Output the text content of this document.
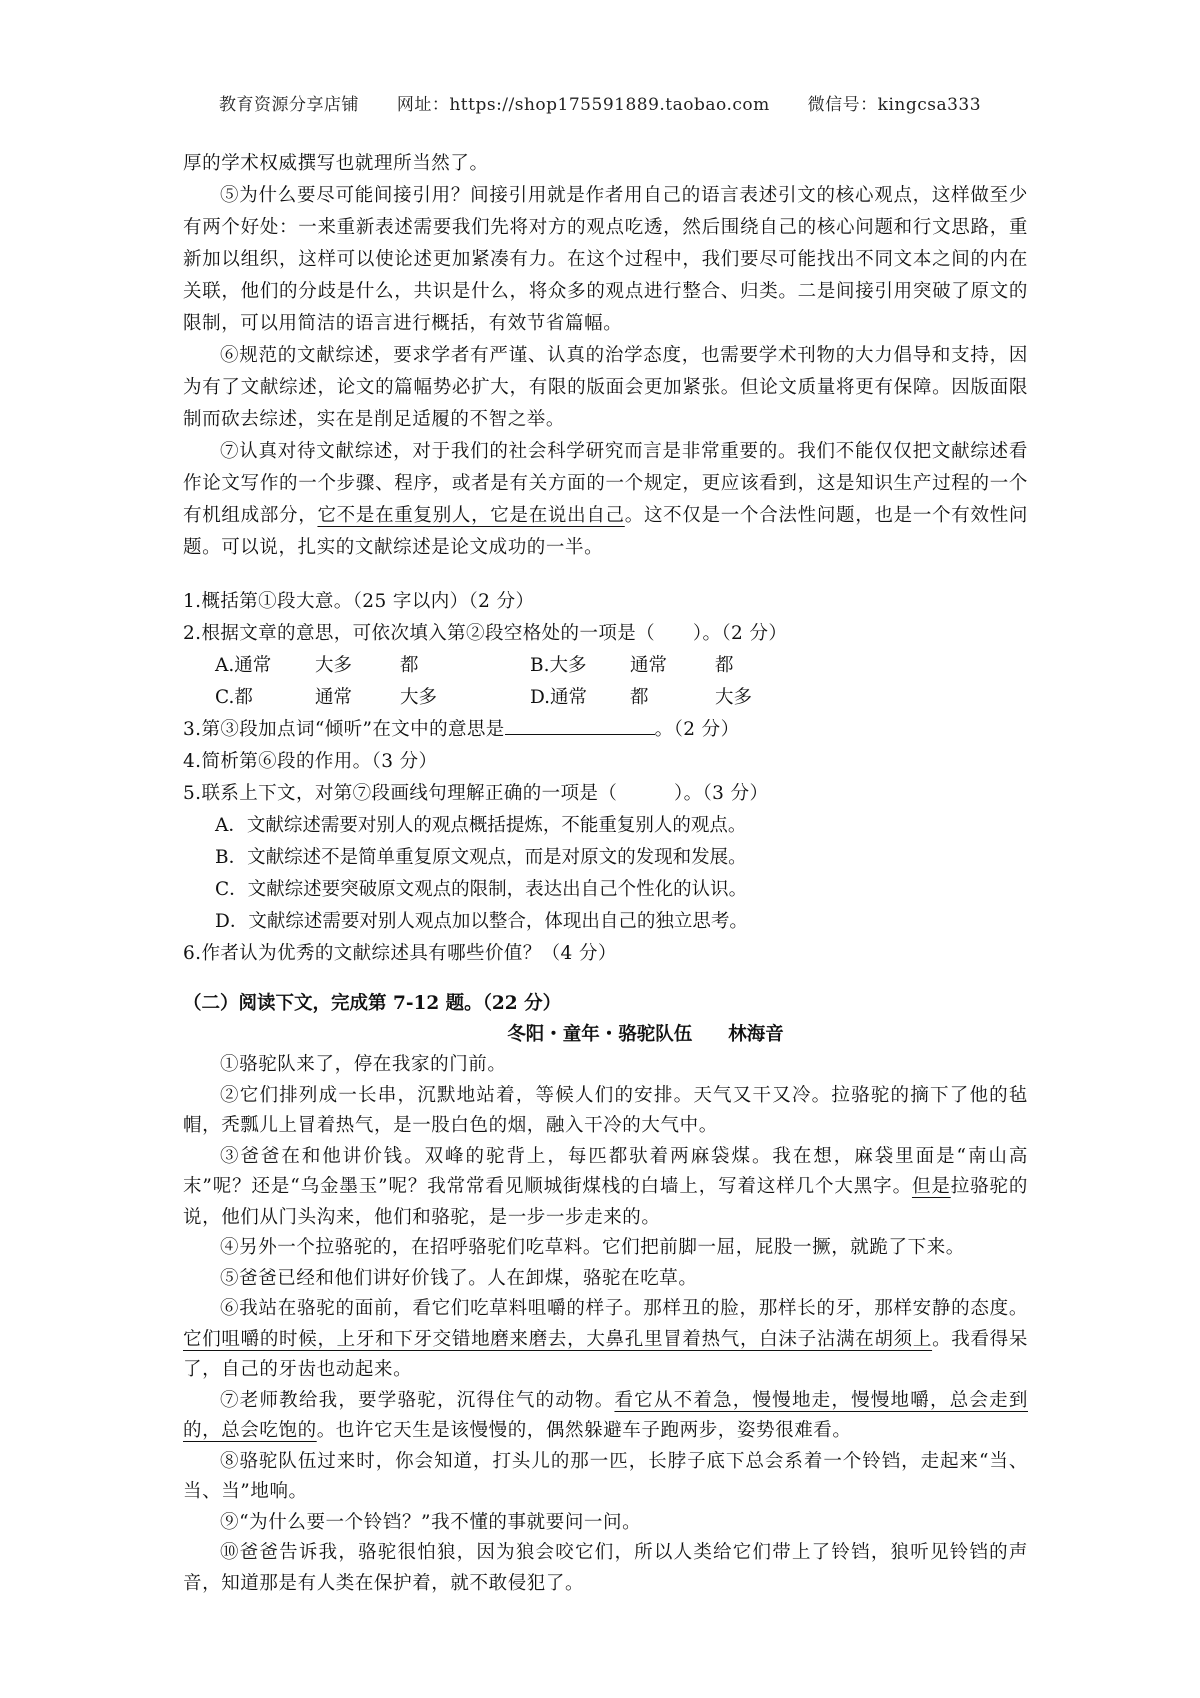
教育资源分享店铺 网址：https://shop175591889.taobao.com 微信号：kingcsa333

厚的学术权威撰写也就理所当然了。

⑤为什么要尽可能间接引用？间接引用就是作者用自己的语言表述引文的核心观点，这样做至少有两个好处：一来重新表述需要我们先将对方的观点吃透，然后围绕自己的核心问题和行文思路，重新加以组织，这样可以使论述更加紧凑有力。在这个过程中，我们要尽可能找出不同文本之间的内在关联，他们的分歧是什么，共识是什么，将众多的观点进行整合、归类。二是间接引用突破了原文的限制，可以用简洁的语言进行概括，有效节省篇幅。

⑥规范的文献综述，要求学者有严谨、认真的治学态度，也需要学术刊物的大力倡导和支持，因为有了文献综述，论文的篇幅势必扩大，有限的版面会更加紧张。但论文质量将更有保障。因版面限制而砍去综述，实在是削足适履的不智之举。

⑦认真对待文献综述，对于我们的社会科学研究而言是非常重要的。我们不能仅仅把文献综述看作论文写作的一个步骤、程序，或者是有关方面的一个规定，更应该看到，这是知识生产过程的一个有机组成部分，它不是在重复别人，它是在说出自己。这不仅是一个合法性问题，也是一个有效性问题。可以说，扎实的文献综述是论文成功的一半。

1.概括第①段大意。（25 字以内）（2 分）

2.根据文章的意思，可依次填入第②段空格处的一项是（　　）。（2 分）

A.通常	大多	都	B.大多	通常	都
C.都	通常	大多	D.通常	都	大多

3.第③段加点词“倾听”在文中的意思是	。（2 分）

4.简析第⑥段的作用。（3 分）

5.联系上下文，对第⑦段画线句理解正确的一项是（　　　）。（3 分）

A．文献综述需要对别人的观点概括提炼，不能重复别人的观点。

B．文献综述不是简单重复原文观点，而是对原文的发现和发展。

C．文献综述要突破原文观点的限制，表达出自己个性化的认识。

D．文献综述需要对别人观点加以整合，体现出自己的独立思考。

6.作者认为优秀的文献综述具有哪些价值？（4 分）

（二）阅读下文，完成第 7-12 题。（22 分）

冬阳・童年・骆驼队伍 林海音

①骆驼队来了，停在我家的门前。

②它们排列成一长串，沉默地站着，等候人们的安排。天气又干又冷。拉骆驼的摘下了他的毡帽，秃瓢儿上冒着热气，是一股白色的烟，融入干冷的大气中。

③爸爸在和他讲价钱。双峰的驼背上，每匹都驮着两麻袋煤。我在想，麻袋里面是“南山高末”呢？还是“乌金墨玉”呢？我常常看见顺城街煤栈的白墙上，写着这样几个大黑字。但是拉骆驼的说，他们从门头沟来，他们和骆驼，是一步一步走来的。

④另外一个拉骆驼的，在招呼骆驼们吃草料。它们把前脚一屈，屁股一撅，就跪了下来。

⑤爸爸已经和他们讲好价钱了。人在卸煤，骆驼在吃草。

⑥我站在骆驼的面前，看它们吃草料咀嚼的样子。那样丑的脸，那样长的牙，那样安静的态度。它们咀嚼的时候，上牙和下牙交错地磨来磨去，大鼻孔里冒着热气，白沫子沾满在胡须上。我看得呆了，自己的牙齿也动起来。

⑦老师教给我，要学骆驼，沉得住气的动物。看它从不着急，慢慢地走，慢慢地嚼，总会走到的，总会吃饱的。也许它天生是该慢慢的，偶然躲避车子跑两步，姿势很难看。

⑧骆驼队伍过来时，你会知道，打头儿的那一匹，长脖子底下总会系着一个铃铛，走起来“当、当、当”地响。

⑨“为什么要一个铃铛？”我不懂的事就要问一问。

⑩爸爸告诉我，骆驼很怕狼，因为狼会咬它们，所以人类给它们带上了铃铛，狼听见铃铛的声音，知道那是有人类在保护着，就不敢侵犯了。
